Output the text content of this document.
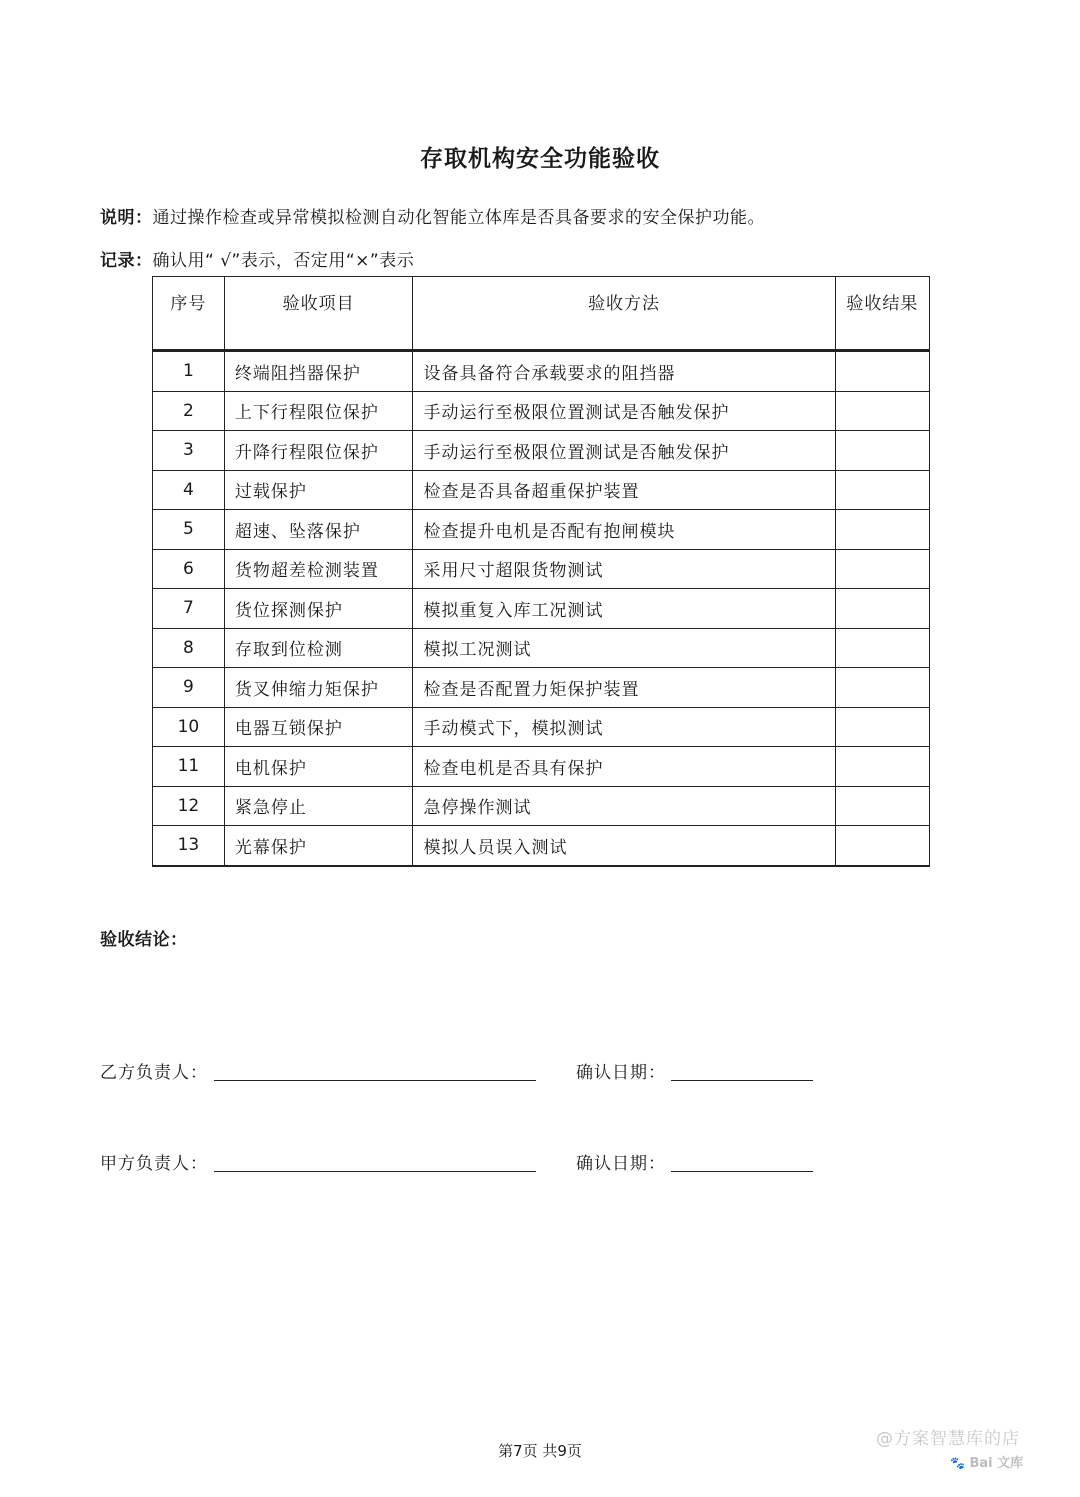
存取机构安全功能验收
说明：通过操作检查或异常模拟检测自动化智能立体库是否具备要求的安全保护功能。
记录：确认用“ √”表示，否定用“×”表示
序号	验收项目	验收方法	验收结果
1	终端阻挡器保护	设备具备符合承载要求的阻挡器	
2	上下行程限位保护	手动运行至极限位置测试是否触发保护	
3	升降行程限位保护	手动运行至极限位置测试是否触发保护	
4	过载保护	检查是否具备超重保护装置	
5	超速、坠落保护	检查提升电机是否配有抱闸模块	
6	货物超差检测装置	采用尺寸超限货物测试	
7	货位探测保护	模拟重复入库工况测试	
8	存取到位检测	模拟工况测试	
9	货叉伸缩力矩保护	检查是否配置力矩保护装置	
10	电器互锁保护	手动模式下，模拟测试	
11	电机保护	检查电机是否具有保护	
12	紧急停止	急停操作测试	
13	光幕保护	模拟人员误入测试	
验收结论：
乙方负责人：	确认日期：
甲方负责人：	确认日期：
第7页 共9页
@方案智慧库的店
🐾 Bai 文库
